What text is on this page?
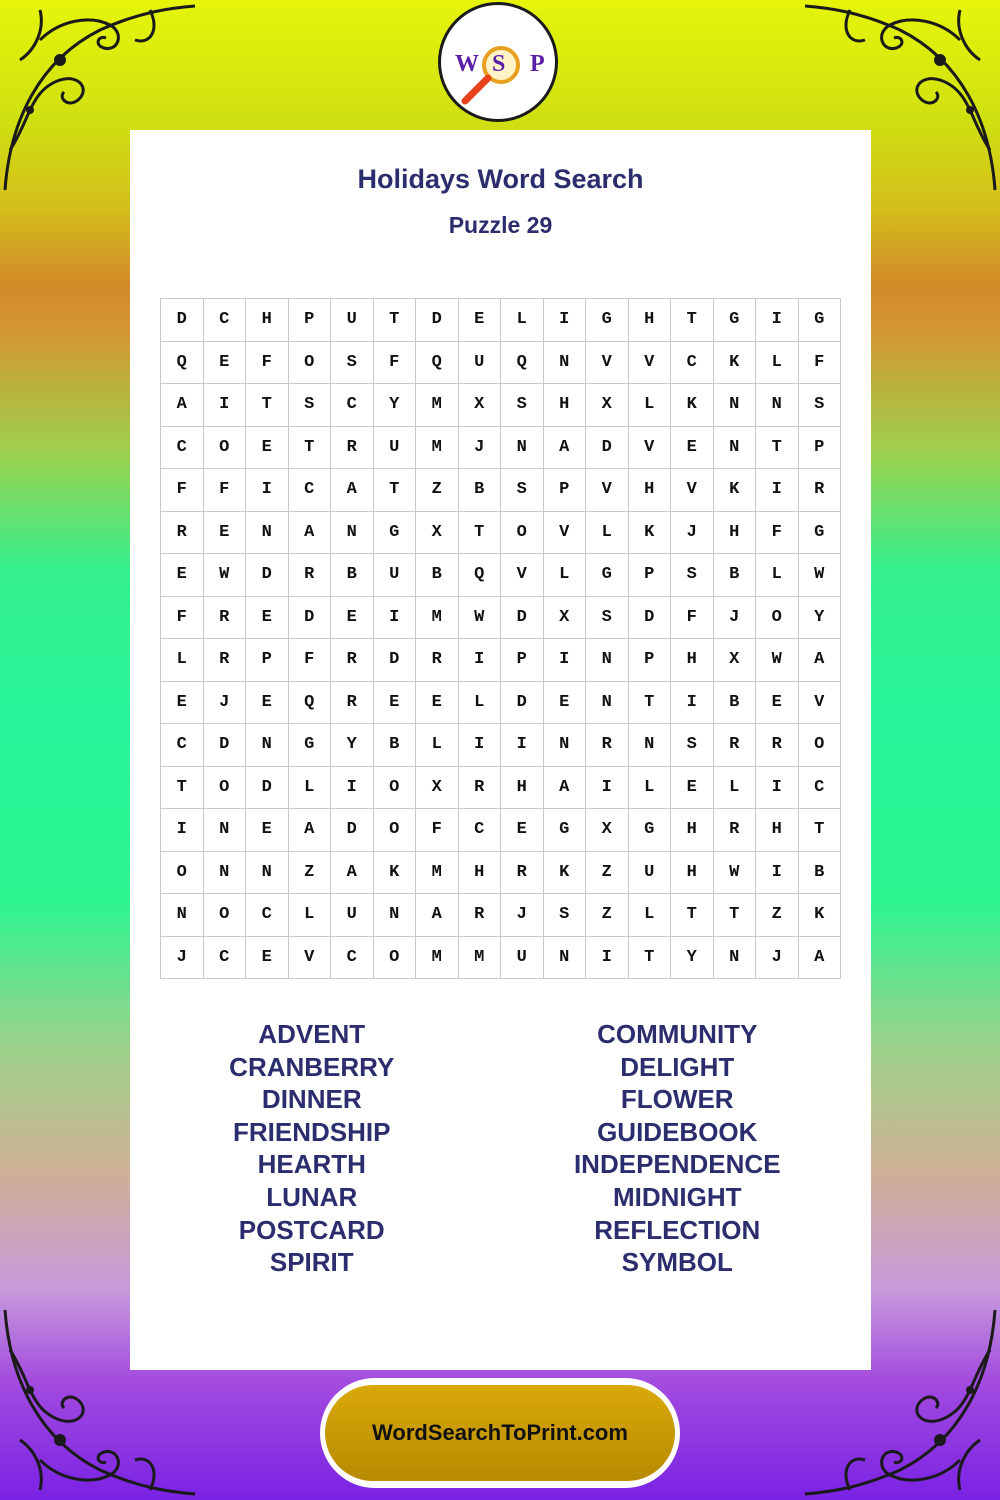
W S P
Holidays Word Search
Puzzle 29
D	C	H	P	U	T	D	E	L	I	G	H	T	G	I	G
Q	E	F	O	S	F	Q	U	Q	N	V	V	C	K	L	F
A	I	T	S	C	Y	M	X	S	H	X	L	K	N	N	S
C	O	E	T	R	U	M	J	N	A	D	V	E	N	T	P
F	F	I	C	A	T	Z	B	S	P	V	H	V	K	I	R
R	E	N	A	N	G	X	T	O	V	L	K	J	H	F	G
E	W	D	R	B	U	B	Q	V	L	G	P	S	B	L	W
F	R	E	D	E	I	M	W	D	X	S	D	F	J	O	Y
L	R	P	F	R	D	R	I	P	I	N	P	H	X	W	A
E	J	E	Q	R	E	E	L	D	E	N	T	I	B	E	V
C	D	N	G	Y	B	L	I	I	N	R	N	S	R	R	O
T	O	D	L	I	O	X	R	H	A	I	L	E	L	I	C
I	N	E	A	D	O	F	C	E	G	X	G	H	R	H	T
O	N	N	Z	A	K	M	H	R	K	Z	U	H	W	I	B
N	O	C	L	U	N	A	R	J	S	Z	L	T	T	Z	K
J	C	E	V	C	O	M	M	U	N	I	T	Y	N	J	A
ADVENT
CRANBERRY
DINNER
FRIENDSHIP
HEARTH
LUNAR
POSTCARD
SPIRIT
COMMUNITY
DELIGHT
FLOWER
GUIDEBOOK
INDEPENDENCE
MIDNIGHT
REFLECTION
SYMBOL
WordSearchToPrint.com
